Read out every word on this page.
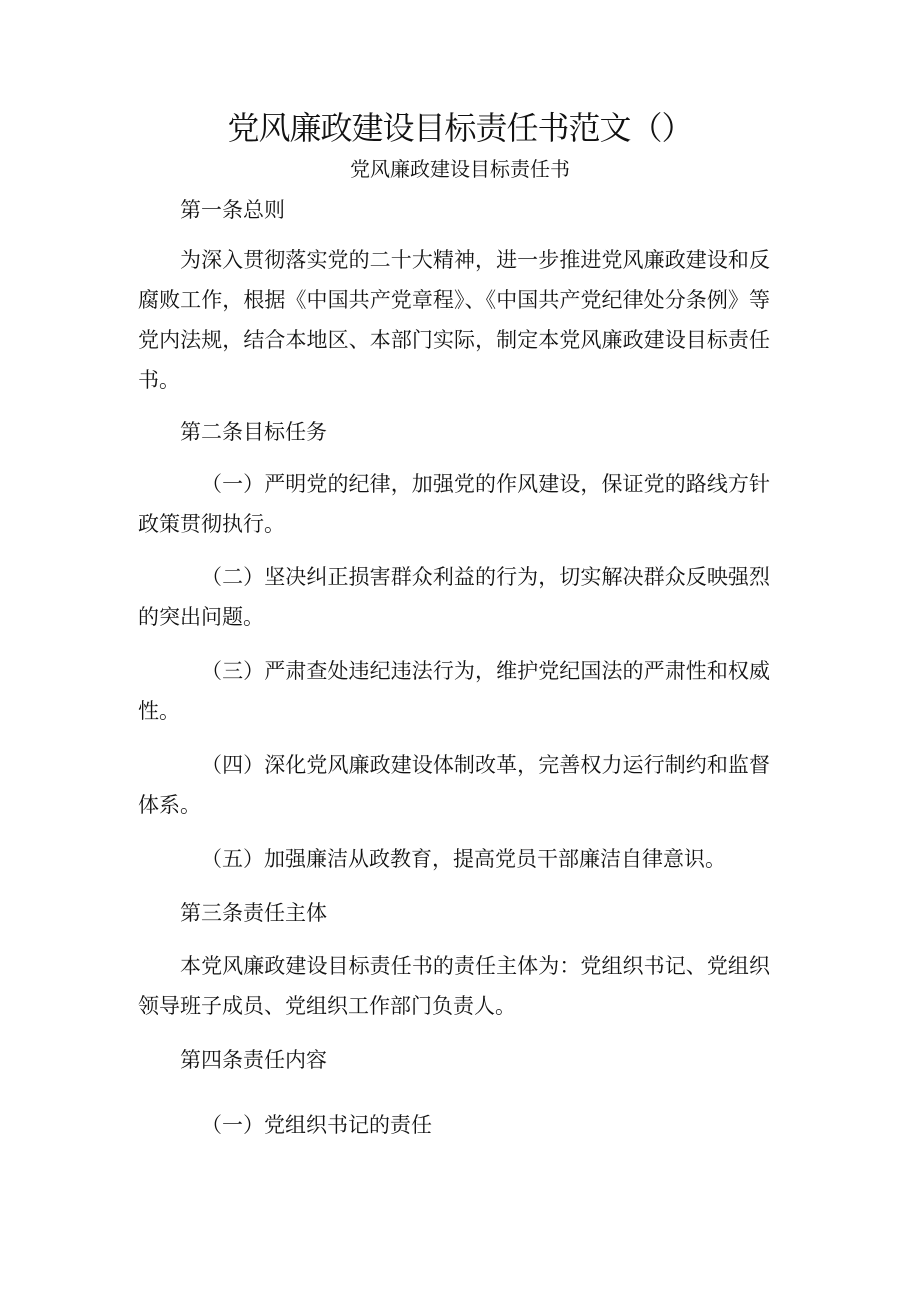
党风廉政建设目标责任书范文（）
党风廉政建设目标责任书

第一条总则

为深入贯彻落实党的二十大精神，进一步推进党风廉政建设和反腐败工作，根据《中国共产党章程》、《中国共产党纪律处分条例》等党内法规，结合本地区、本部门实际，制定本党风廉政建设目标责任书。

第二条目标任务

（一）严明党的纪律，加强党的作风建设，保证党的路线方针政策贯彻执行。

（二）坚决纠正损害群众利益的行为，切实解决群众反映强烈的突出问题。

（三）严肃查处违纪违法行为，维护党纪国法的严肃性和权威性。

（四）深化党风廉政建设体制改革，完善权力运行制约和监督体系。

（五）加强廉洁从政教育，提高党员干部廉洁自律意识。

第三条责任主体

本党风廉政建设目标责任书的责任主体为：党组织书记、党组织领导班子成员、党组织工作部门负责人。

第四条责任内容

（一）党组织书记的责任
